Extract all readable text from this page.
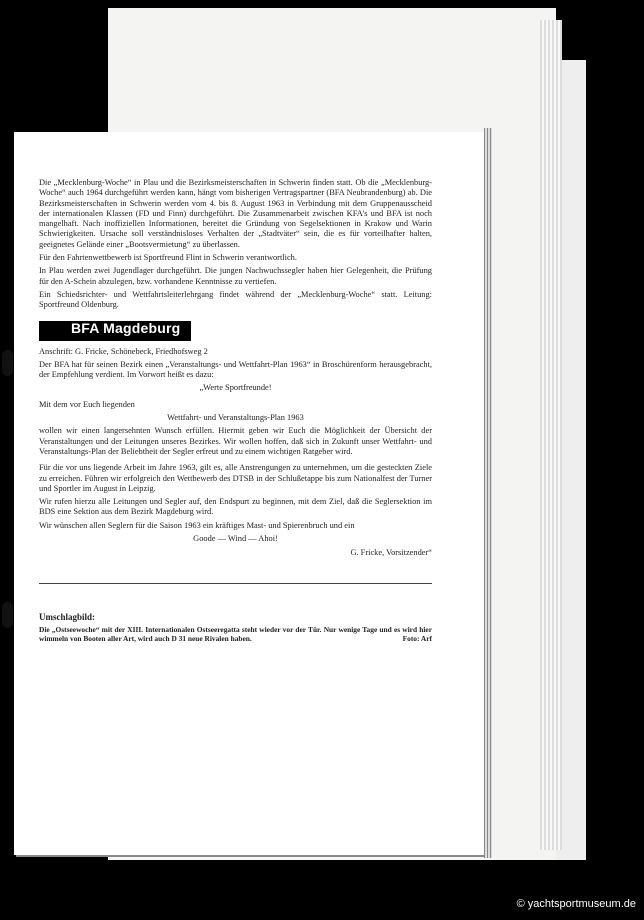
Die „Mecklenburg-Woche“ in Plau und die Bezirksmeisterschaften in Schwerin finden statt. Ob die „Mecklenburg-Woche“ auch 1964 durchgeführt werden kann, hängt vom bisherigen Vertragspartner (BFA Neubrandenburg) ab. Die Bezirksmeisterschaften in Schwerin werden vom 4. bis 8. August 1963 in Verbindung mit dem Gruppenausscheid der internationalen Klassen (FD und Finn) durchgeführt. Die Zusammenarbeit zwischen KFA's und BFA ist noch mangelhaft. Nach inoffiziellen Informationen, bereitet die Gründung von Segelsektionen in Krakow und Warin Schwierigkeiten. Ursache soll verständnisloses Verhalten der „Stadtväter“ sein, die es für vorteilhafter halten, geeignetes Gelände einer „Bootsvermietung“ zu überlassen.

Für den Fahrtenwettbewerb ist Sportfreund Flint in Schwerin verantwortlich.

In Plau werden zwei Jugendlager durchgeführt. Die jungen Nachwuchssegler haben hier Gelegenheit, die Prüfung für den A-Schein abzulegen, bzw. vorhandene Kenntnisse zu vertiefen.

Ein Schiedsrichter- und Wettfahrtsleiterlehrgang findet während der „Mecklenburg-Woche“ statt. Leitung: Sportfreund Oldenburg.

BFA Magdeburg

Anschrift: G. Fricke, Schönebeck, Friedhofsweg 2

Der BFA hat für seinen Bezirk einen „Veranstaltungs- und Wettfahrt-Plan 1963“ in Broschürenform herausgebracht, der Empfehlung verdient. Im Vorwort heißt es dazu:

„Werte Sportfreunde!

Mit dem vor Euch liegenden

Wettfahrt- und Veranstaltungs-Plan 1963

wollen wir einen langersehnten Wunsch erfüllen. Hiermit geben wir Euch die Möglichkeit der Übersicht der Veranstaltungen und der Leitungen unseres Bezirkes. Wir wollen hoffen, daß sich in Zukunft unser Wettfahrt- und Veranstaltungs-Plan der Beliebtheit der Segler erfreut und zu einem wichtigen Ratgeber wird.

Für die vor uns liegende Arbeit im Jahre 1963, gilt es, alle Anstrengungen zu unternehmen, um die gesteckten Ziele zu erreichen. Führen wir erfolgreich den Wettbewerb des DTSB in der Schlußetappe bis zum Nationalfest der Turner und Sportler im August in Leipzig.

Wir rufen hierzu alle Leitungen und Segler auf, den Endspurt zu beginnen, mit dem Ziel, daß die Seglersektion im BDS eine Sektion aus dem Bezirk Magdeburg wird.

Wir wünschen allen Seglern für die Saison 1963 ein kräftiges Mast- und Spierenbruch und ein

Goode — Wind — Ahoi!

G. Fricke, Vorsitzender“

Umschlagbild:

Die „Ostseewoche“ mit der XIII. Internationalen Ostseeregatta steht wieder vor der Tür. Nur wenige Tage und es wird hier wimmeln von Booten aller Art, wird auch D 31 neue Rivalen haben.	Foto: Arf
© yachtsportmuseum.de
